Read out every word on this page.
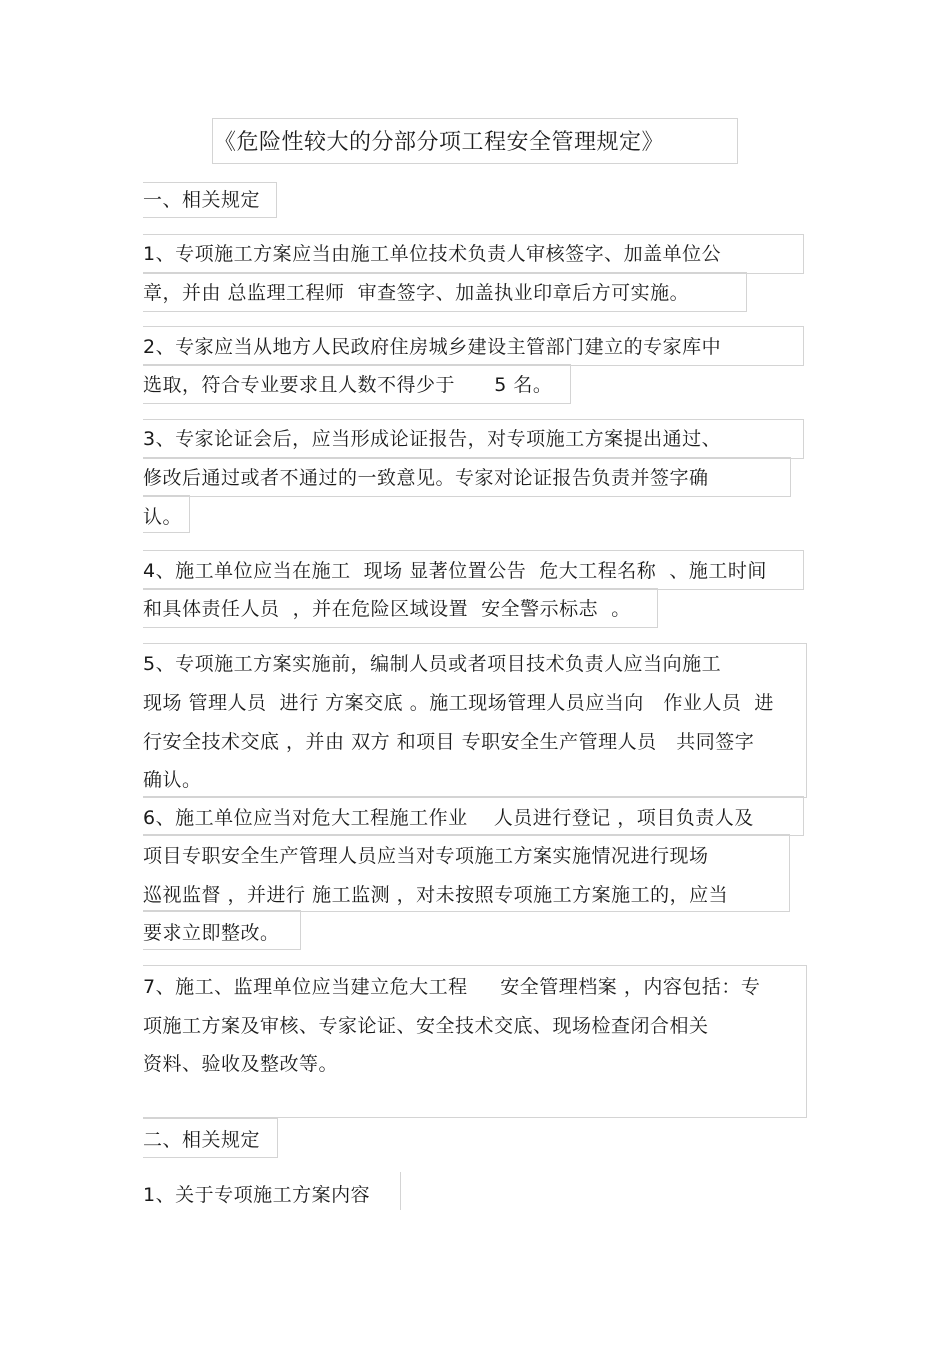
《危险性较大的分部分项工程安全管理规定》
一、相关规定
1、专项施工方案应当由施工单位技术负责人审核签字、加盖单位公
章，并由 总监理工程师  审查签字、加盖执业印章后方可实施。
2、专家应当从地方人民政府住房城乡建设主管部门建立的专家库中
选取，符合专业要求且人数不得少于      5 名。
3、专家论证会后，应当形成论证报告，对专项施工方案提出通过、
修改后通过或者不通过的一致意见。专家对论证报告负责并签字确
认。
4、施工单位应当在施工  现场 显著位置公告  危大工程名称  、施工时间
和具体责任人员  ，并在危险区域设置  安全警示标志  。
5、专项施工方案实施前，编制人员或者项目技术负责人应当向施工
现场 管理人员  进行 方案交底 。施工现场管理人员应当向   作业人员  进
行安全技术交底 ，并由 双方 和项目 专职安全生产管理人员   共同签字
确认。
6、施工单位应当对危大工程施工作业    人员进行登记 ，项目负责人及
项目专职安全生产管理人员应当对专项施工方案实施情况进行现场
巡视监督 ，并进行 施工监测 ，对未按照专项施工方案施工的，应当
要求立即整改。
7、施工、监理单位应当建立危大工程     安全管理档案 ，内容包括：专
项施工方案及审核、专家论证、安全技术交底、现场检查闭合相关
资料、验收及整改等。
二、相关规定
1、关于专项施工方案内容
